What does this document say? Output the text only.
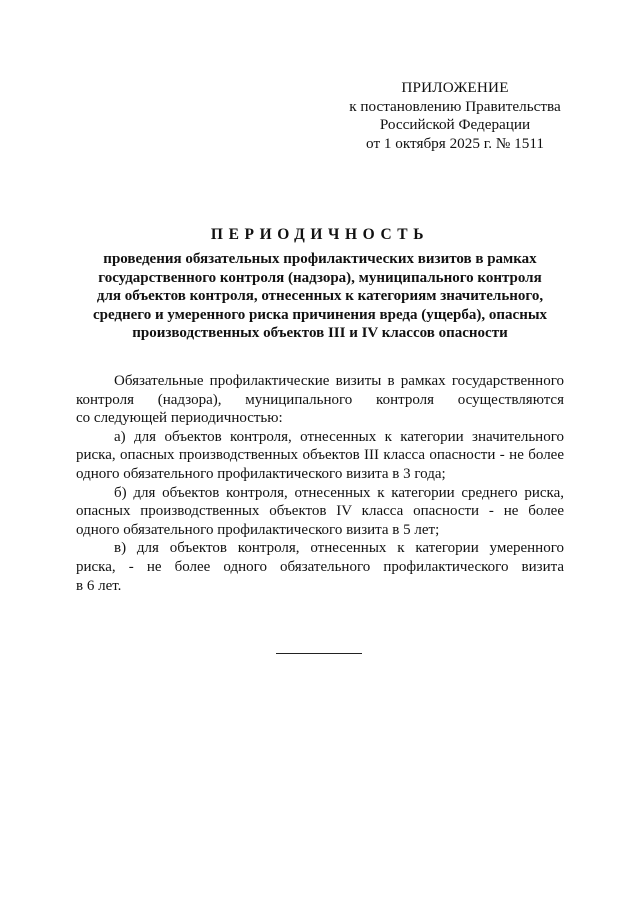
ПРИЛОЖЕНИЕ
к постановлению Правительства
Российской Федерации
от 1 октября 2025 г. № 1511
ПЕРИОДИЧНОСТЬ
проведения обязательных профилактических визитов в рамках
государственного контроля (надзора), муниципального контроля
для объектов контроля, отнесенных к категориям значительного,
среднего и умеренного риска причинения вреда (ущерба), опасных
производственных объектов III и IV классов опасности
Обязательные профилактические визиты в рамках государственного
контроля (надзора), муниципального контроля осуществляются
со следующей периодичностью:
а) для объектов контроля, отнесенных к категории значительного
риска, опасных производственных объектов III класса опасности - не более
одного обязательного профилактического визита в 3 года;
б) для объектов контроля, отнесенных к категории среднего риска,
опасных производственных объектов IV класса опасности - не более
одного обязательного профилактического визита в 5 лет;
в) для объектов контроля, отнесенных к категории умеренного
риска, - не более одного обязательного профилактического визита
в 6 лет.
